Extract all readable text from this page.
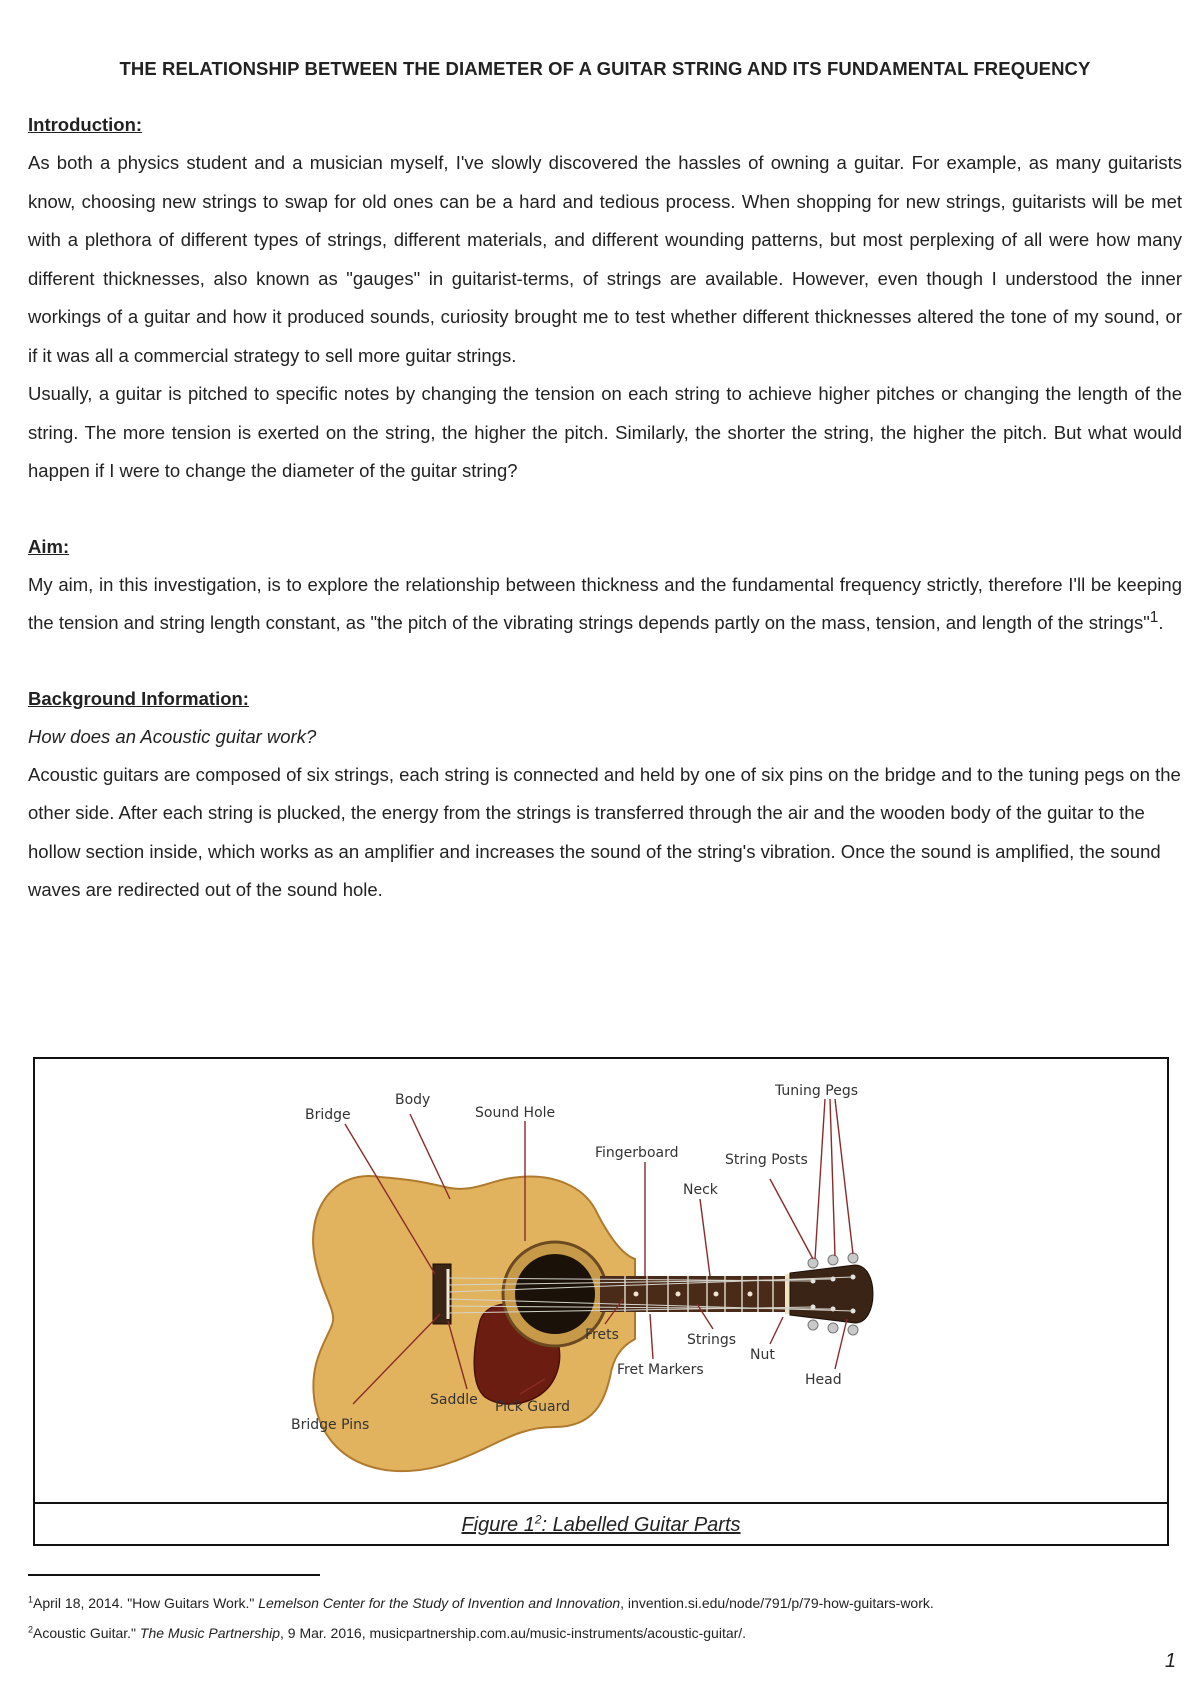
THE RELATIONSHIP BETWEEN THE DIAMETER OF A GUITAR STRING AND ITS FUNDAMENTAL FREQUENCY

Introduction:

As both a physics student and a musician myself, I've slowly discovered the hassles of owning a guitar. For example, as many guitarists know, choosing new strings to swap for old ones can be a hard and tedious process. When shopping for new strings, guitarists will be met with a plethora of different types of strings, different materials, and different wounding patterns, but most perplexing of all were how many different thicknesses, also known as "gauges" in guitarist-terms, of strings are available. However, even though I understood the inner workings of a guitar and how it produced sounds, curiosity brought me to test whether different thicknesses altered the tone of my sound, or if it was all a commercial strategy to sell more guitar strings.

Usually, a guitar is pitched to specific notes by changing the tension on each string to achieve higher pitches or changing the length of the string. The more tension is exerted on the string, the higher the pitch. Similarly, the shorter the string, the higher the pitch. But what would happen if I were to change the diameter of the guitar string?

Aim:

My aim, in this investigation, is to explore the relationship between thickness and the fundamental frequency strictly, therefore I'll be keeping the tension and string length constant, as "the pitch of the vibrating strings depends partly on the mass, tension, and length of the strings"$^1$.

Background Information:

How does an Acoustic guitar work?

Acoustic guitars are composed of six strings, each string is connected and held by one of six pins on the bridge and to the tuning pegs on the other side. After each string is plucked, the energy from the strings is transferred through the air and the wooden body of the guitar to the hollow section inside, which works as an amplifier and increases the sound of the string's vibration. Once the sound is amplified, the sound waves are redirected out of the sound hole.

Body
Bridge	Sound Hole
Fingerboard
Tuning Pegs
String Posts
Neck
Frets	Strings
Nut
Fret Markers
Head
Pick Guard
Saddle
Bridge Pins
Figure $1^2$: Labelled Guitar Parts
$^1$April 18, 2014. "How Guitars Work." Lemelson Center for the Study of Invention and Innovation, invention.si.edu/node/791/p/79-how-guitars-work.
$^2$Acoustic Guitar." The Music Partnership, 9 Mar. 2016, musicpartnership.com.au/music-instruments/acoustic-guitar/.
1
